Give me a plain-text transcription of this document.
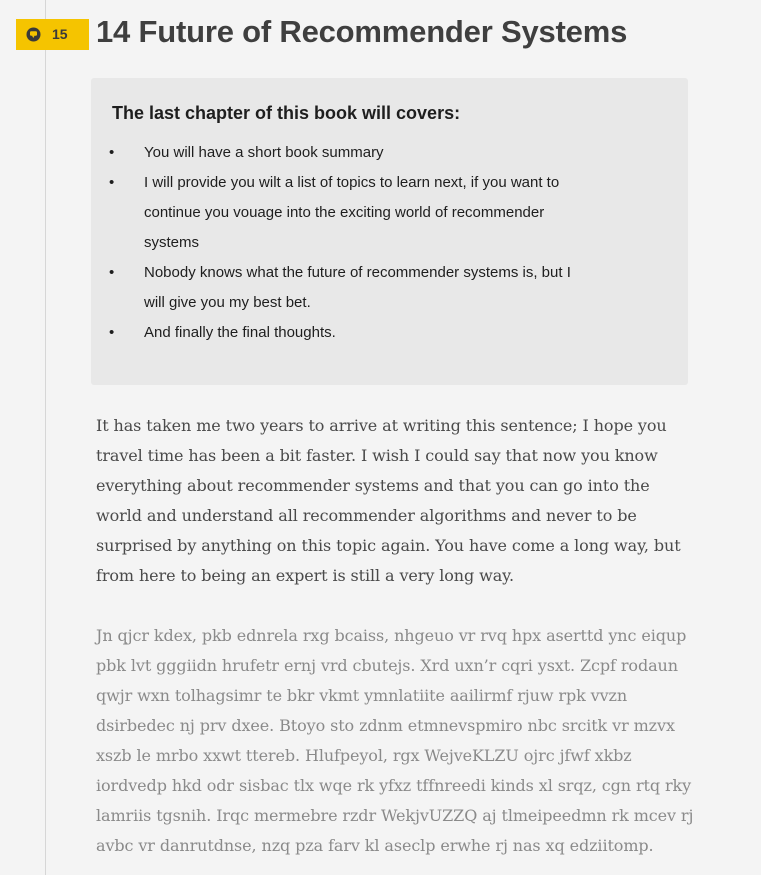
15 14 Future of Recommender Systems
The last chapter of this book will covers:
• You will have a short book summary
• I will provide you wilt a list of topics to learn next, if you want to continue you vouage into the exciting world of recommender systems
• Nobody knows what the future of recommender systems is, but I will give you my best bet.
• And finally the final thoughts.

It has taken me two years to arrive at writing this sentence; I hope you travel time has been a bit faster. I wish I could say that now you know everything about recommender systems and that you can go into the world and understand all recommender algorithms and never to be surprised by anything on this topic again. You have come a long way, but from here to being an expert is still a very long way.

Jn qjcr kdex, pkb ednrela rxg bcaiss, nhgeuo vr rvq hpx aserttd ync eiqup pbk lvt gggiidn hrufetr ernj vrd cbutejs. Xrd uxn’r cqri ysxt. Zcpf rodaun qwjr wxn tolhagsimr te bkr vkmt ymnlatiite aailirmf rjuw rpk vvzn dsirbedec nj prv dxee. Btoyo sto zdnm etmnevspmiro nbc srcitk vr mzvx xszb le mrbo xxwt ttereb. Hlufpeyol, rgx WejveKLZU ojrc jfwf xkbz iordvedp hkd odr sisbac tlx wqe rk yfxz tffnreedi kinds xl srqz, cgn rtq rky lamriis tgsnih. Irqc mermebre rzdr WekjvUZZQ aj tlmeipeedmn rk mcev rj avbc vr danrutdnse, nzq pza farv kl aseclp erwhe rj nas xq edziitomp.
